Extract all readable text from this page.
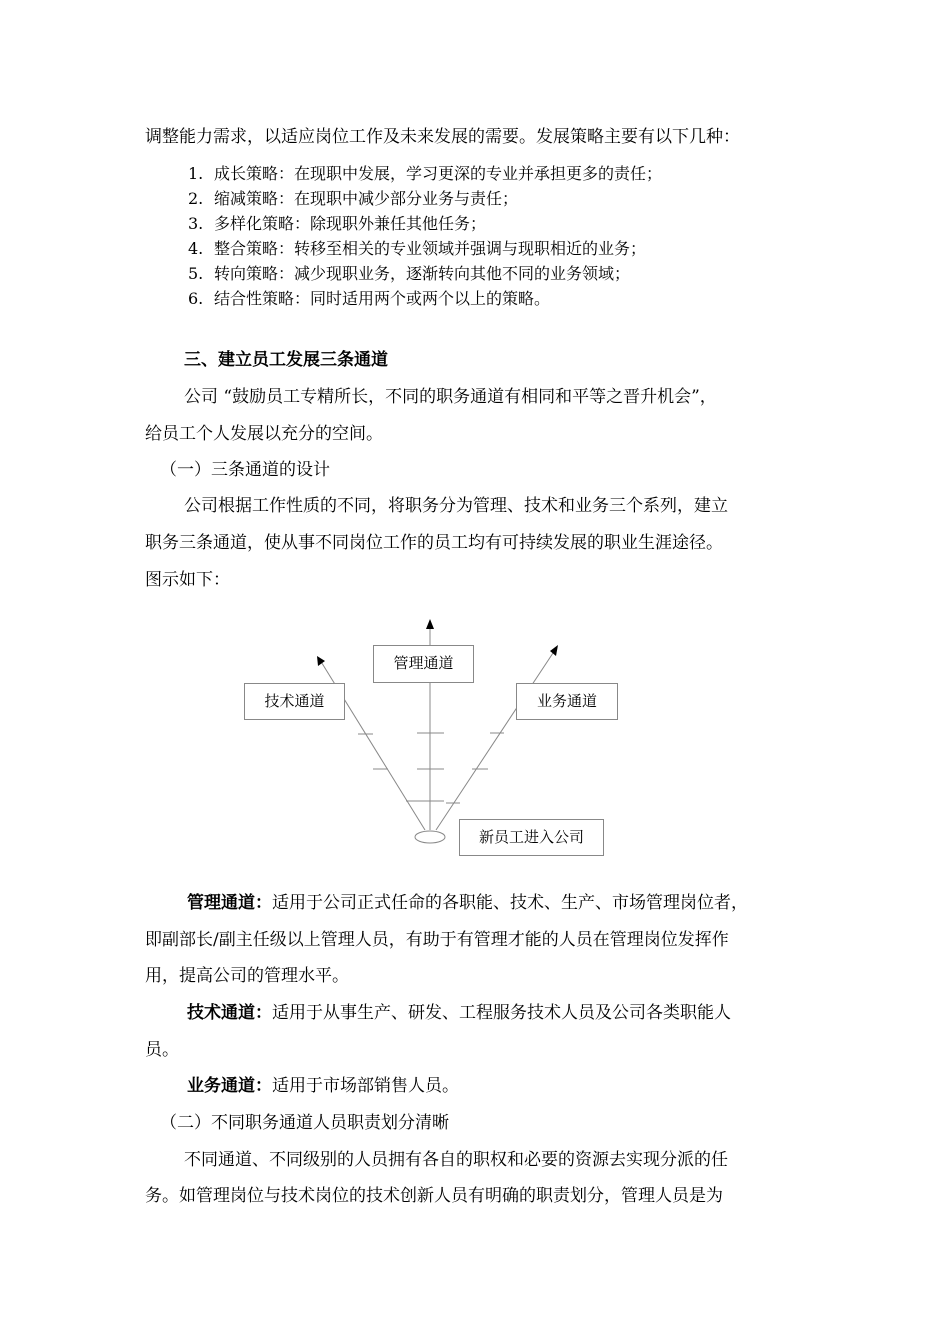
调整能力需求，以适应岗位工作及未来发展的需要。发展策略主要有以下几种：
1. 成长策略：在现职中发展，学习更深的专业并承担更多的责任；
2. 缩减策略：在现职中减少部分业务与责任；
3. 多样化策略：除现职外兼任其他任务；
4. 整合策略：转移至相关的专业领域并强调与现职相近的业务；
5. 转向策略：减少现职业务，逐渐转向其他不同的业务领域；
6. 结合性策略：同时适用两个或两个以上的策略。
三、建立员工发展三条通道
公司 “鼓励员工专精所长，不同的职务通道有相同和平等之晋升机会”，
给员工个人发展以充分的空间。
（一）三条通道的设计
公司根据工作性质的不同，将职务分为管理、技术和业务三个系列，建立
职务三条通道，使从事不同岗位工作的员工均有可持续发展的职业生涯途径。
图示如下：
管理通道
技术通道	业务通道
新员工进入公司
管理通道：适用于公司正式任命的各职能、技术、生产、市场管理岗位者，
即副部长/副主任级以上管理人员，有助于有管理才能的人员在管理岗位发挥作
用，提高公司的管理水平。
技术通道：适用于从事生产、研发、工程服务技术人员及公司各类职能人
员。
业务通道：适用于市场部销售人员。
（二）不同职务通道人员职责划分清晰
不同通道、不同级别的人员拥有各自的职权和必要的资源去实现分派的任
务。如管理岗位与技术岗位的技术创新人员有明确的职责划分，管理人员是为
